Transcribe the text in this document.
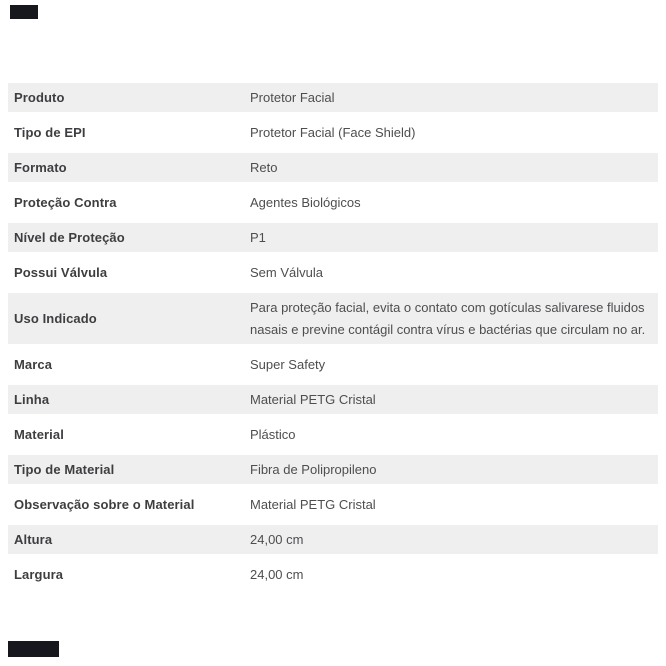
Produto	Protetor Facial
Tipo de EPI	Protetor Facial (Face Shield)
Formato	Reto
Proteção Contra	Agentes Biológicos
Nível de Proteção	P1
Possui Válvula	Sem Válvula
Uso Indicado	Para proteção facial, evita o contato com gotículas salivarese fluidos nasais e previne contágil contra vírus e bactérias que circulam no ar.
Marca	Super Safety
Linha	Material PETG Cristal
Material	Plástico
Tipo de Material	Fibra de Polipropileno
Observação sobre o Material	Material PETG Cristal
Altura	24,00 cm
Largura	24,00 cm
